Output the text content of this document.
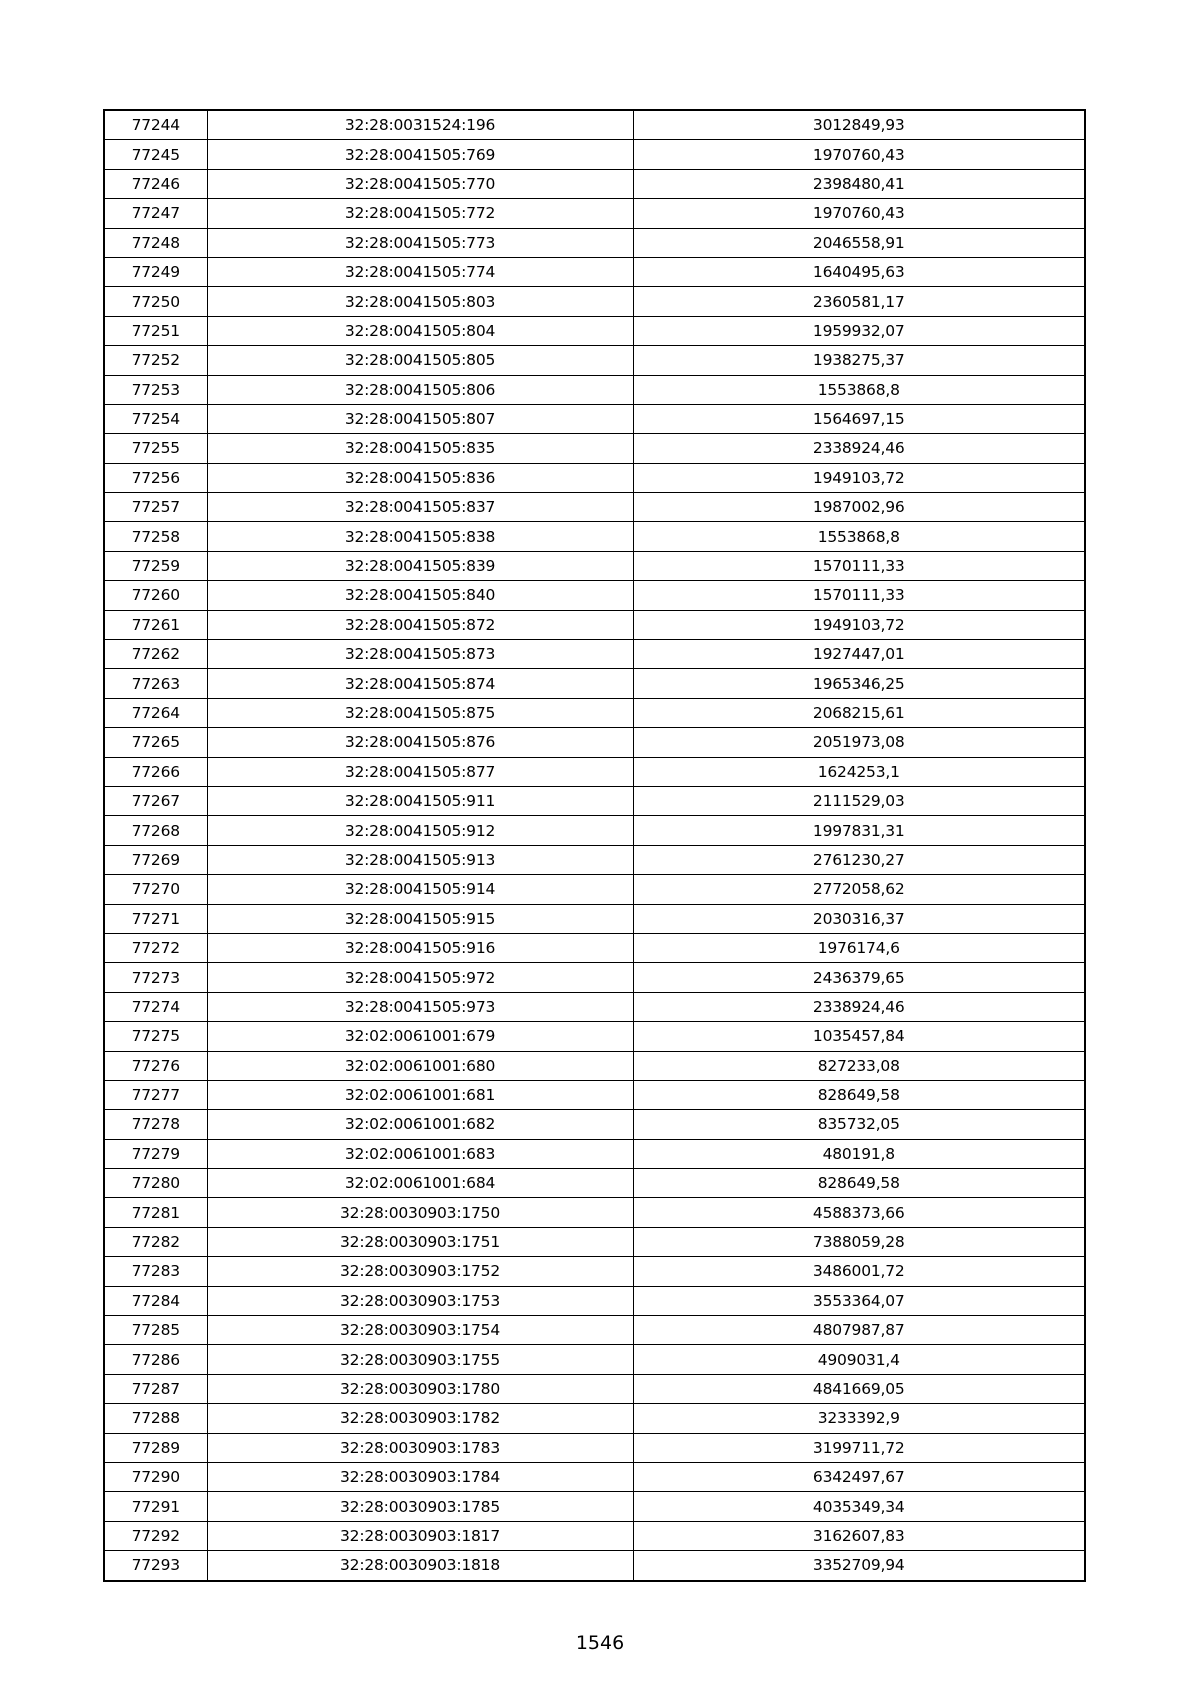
77244	32:28:0031524:196	3012849,93
77245	32:28:0041505:769	1970760,43
77246	32:28:0041505:770	2398480,41
77247	32:28:0041505:772	1970760,43
77248	32:28:0041505:773	2046558,91
77249	32:28:0041505:774	1640495,63
77250	32:28:0041505:803	2360581,17
77251	32:28:0041505:804	1959932,07
77252	32:28:0041505:805	1938275,37
77253	32:28:0041505:806	1553868,8
77254	32:28:0041505:807	1564697,15
77255	32:28:0041505:835	2338924,46
77256	32:28:0041505:836	1949103,72
77257	32:28:0041505:837	1987002,96
77258	32:28:0041505:838	1553868,8
77259	32:28:0041505:839	1570111,33
77260	32:28:0041505:840	1570111,33
77261	32:28:0041505:872	1949103,72
77262	32:28:0041505:873	1927447,01
77263	32:28:0041505:874	1965346,25
77264	32:28:0041505:875	2068215,61
77265	32:28:0041505:876	2051973,08
77266	32:28:0041505:877	1624253,1
77267	32:28:0041505:911	2111529,03
77268	32:28:0041505:912	1997831,31
77269	32:28:0041505:913	2761230,27
77270	32:28:0041505:914	2772058,62
77271	32:28:0041505:915	2030316,37
77272	32:28:0041505:916	1976174,6
77273	32:28:0041505:972	2436379,65
77274	32:28:0041505:973	2338924,46
77275	32:02:0061001:679	1035457,84
77276	32:02:0061001:680	827233,08
77277	32:02:0061001:681	828649,58
77278	32:02:0061001:682	835732,05
77279	32:02:0061001:683	480191,8
77280	32:02:0061001:684	828649,58
77281	32:28:0030903:1750	4588373,66
77282	32:28:0030903:1751	7388059,28
77283	32:28:0030903:1752	3486001,72
77284	32:28:0030903:1753	3553364,07
77285	32:28:0030903:1754	4807987,87
77286	32:28:0030903:1755	4909031,4
77287	32:28:0030903:1780	4841669,05
77288	32:28:0030903:1782	3233392,9
77289	32:28:0030903:1783	3199711,72
77290	32:28:0030903:1784	6342497,67
77291	32:28:0030903:1785	4035349,34
77292	32:28:0030903:1817	3162607,83
77293	32:28:0030903:1818	3352709,94
1546
